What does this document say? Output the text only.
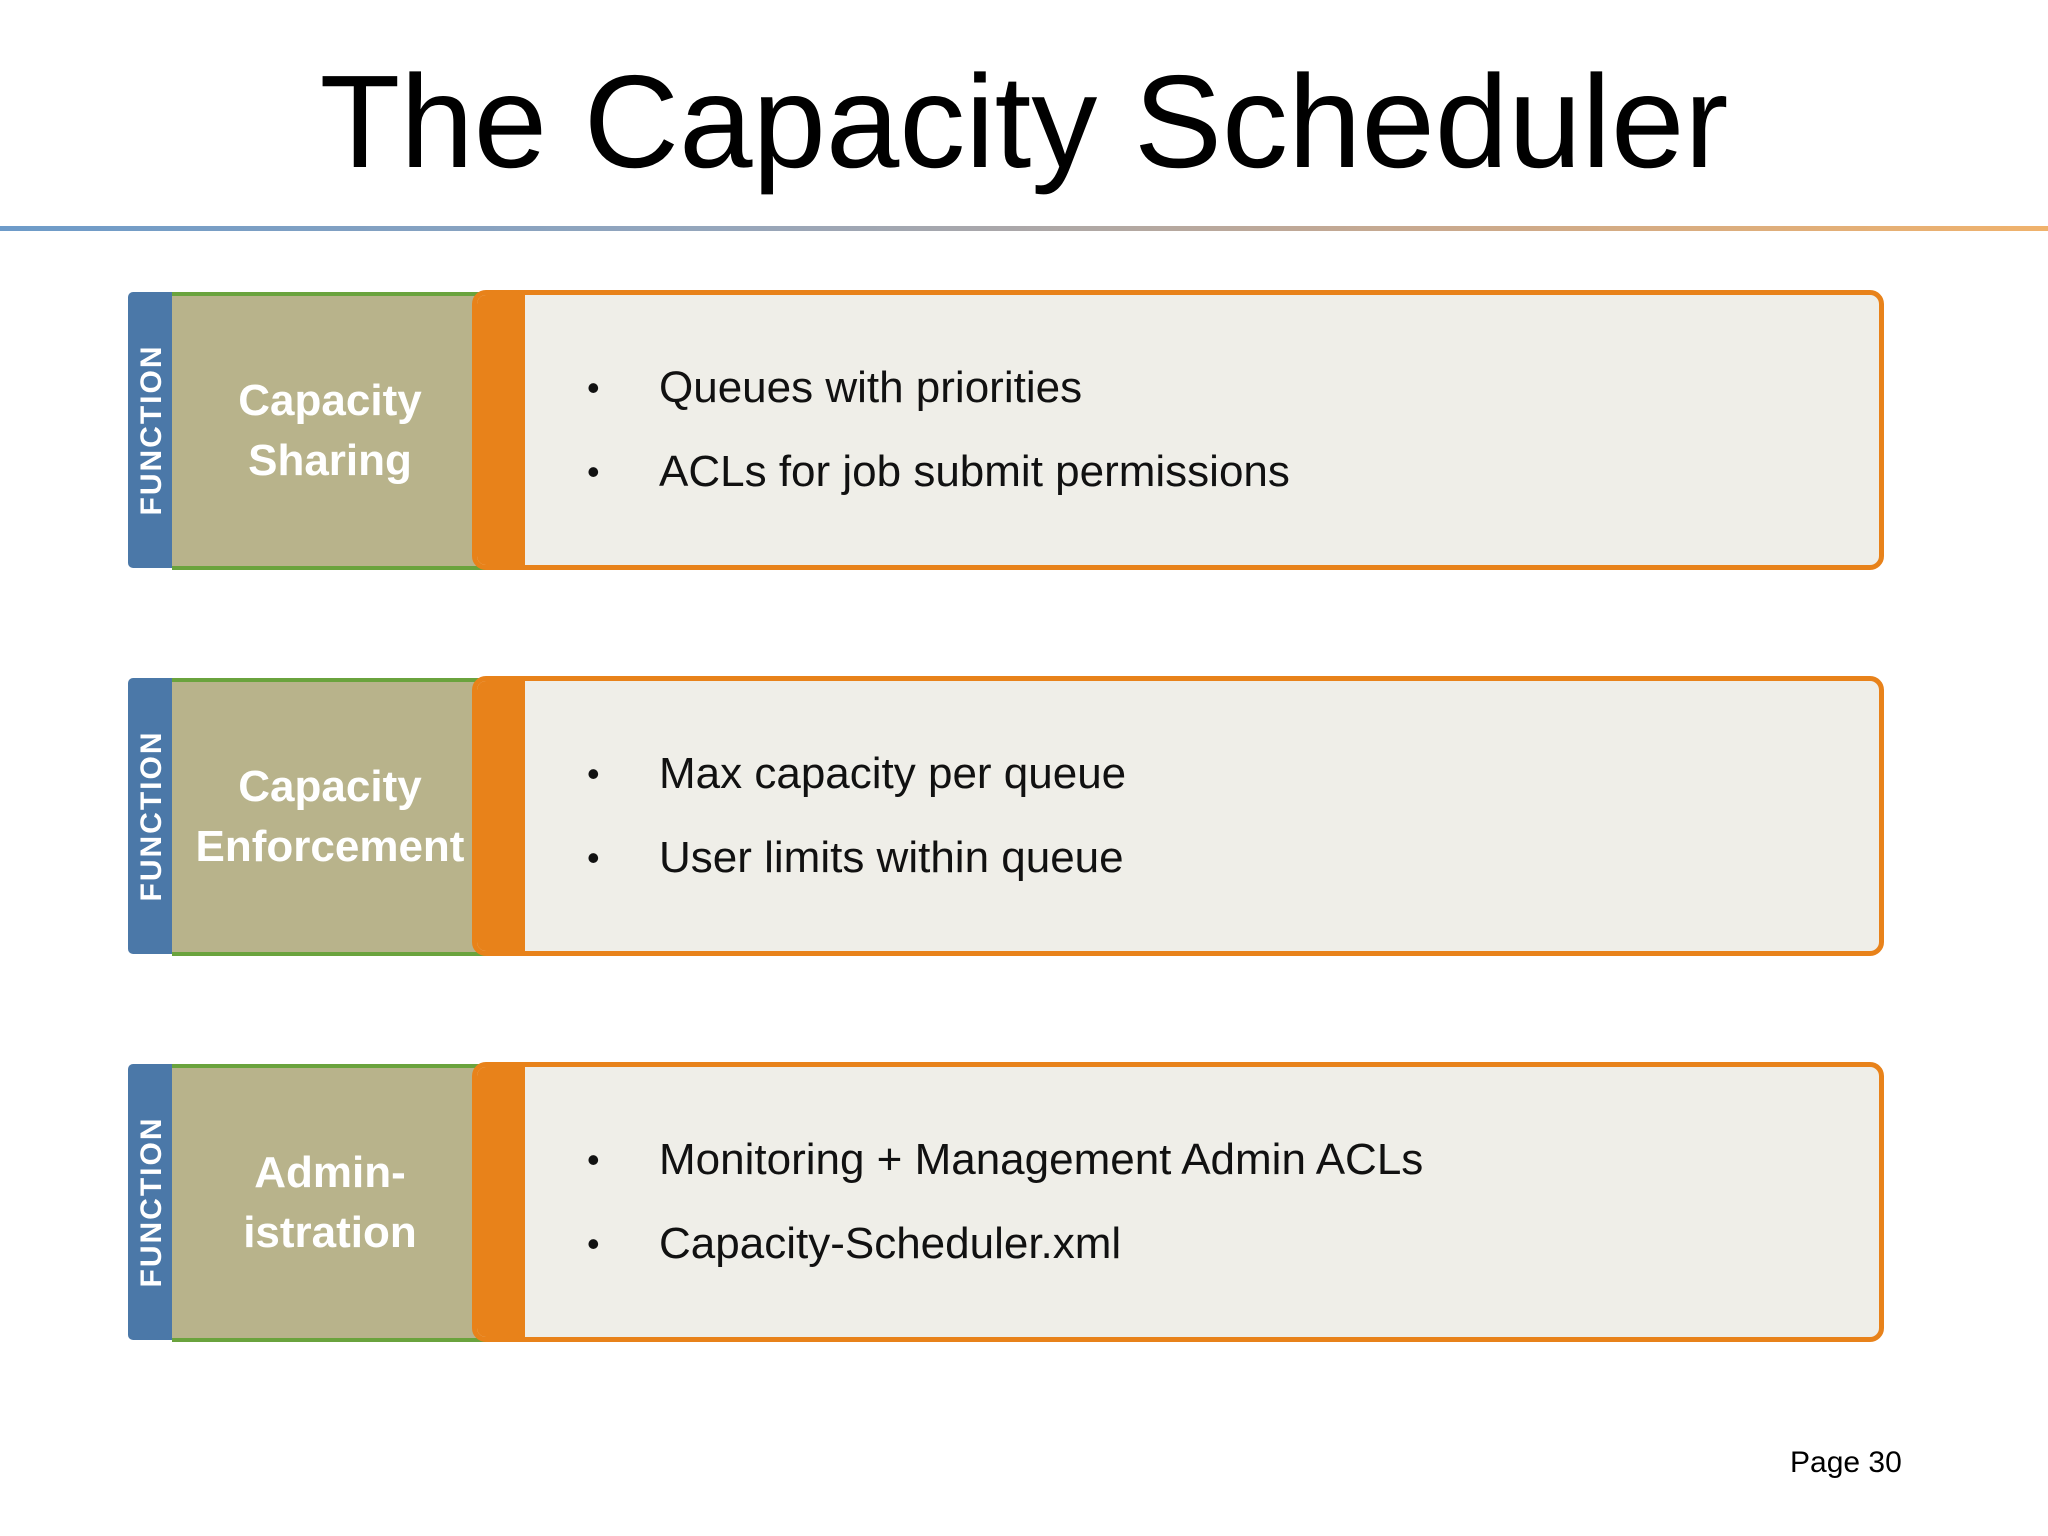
The Capacity Scheduler
FUNCTION Capacity
Sharing
• Queues with priorities
• ACLs for job submit permissions
FUNCTION Capacity
Enforcement
• Max capacity per queue
• User limits within queue
FUNCTION Admin-
istration
• Monitoring + Management Admin ACLs
• Capacity-Scheduler.xml
Page 30
